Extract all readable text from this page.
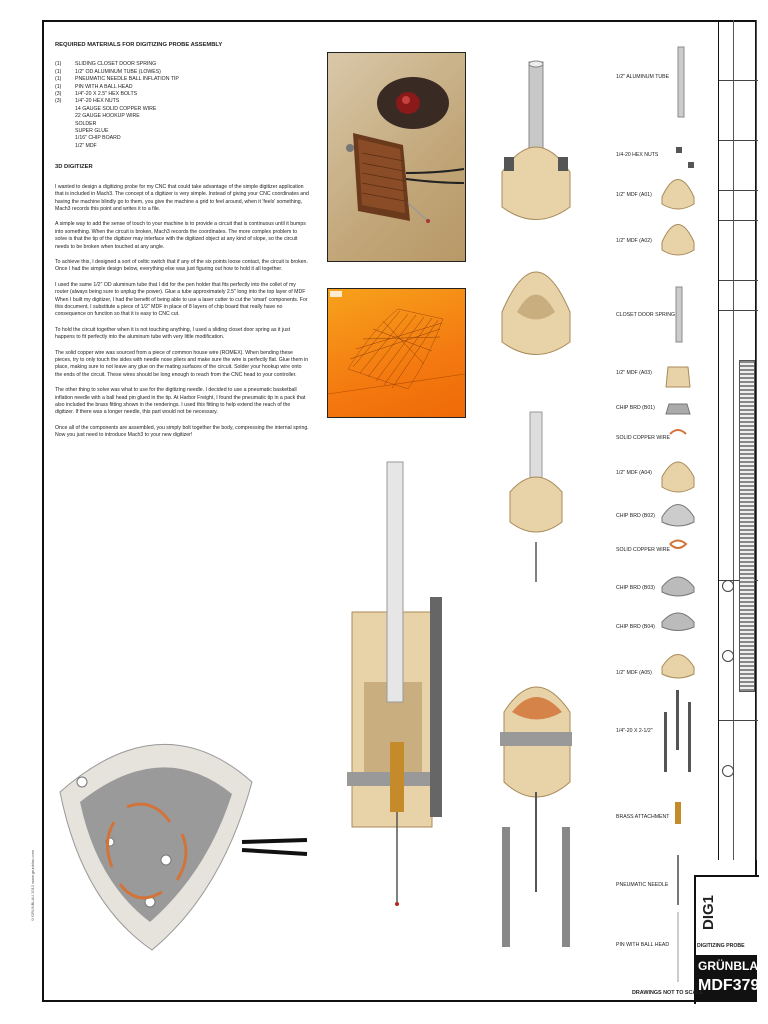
REQUIRED MATERIALS FOR DIGITIZING PROBE ASSEMBLY
(1)	SLIDING CLOSET DOOR SPRING
(1)	1/2" OD ALUMINUM TUBE (LOWES)
(1)	PNEUMATIC NEEDLE BALL INFLATION TIP
(1)	PIN WITH A BALL HEAD
(3)	1/4"-20 X 2.5" HEX BOLTS
(3)	1/4"-20 HEX NUTS
14 GAUGE SOLID COPPER WIRE
22 GAUGE HOOKUP WIRE
SOLDER
SUPER GLUE
1/16" CHIP BOARD
1/2" MDF
3D DIGITIZER

I wanted to design a digitizing probe for my CNC that could take advantage of the simple digitizer application that is included in Mach3. The concept of a digitizer is very simple. Instead of giving your CNC coordinates and having the machine blindly go to them, you give the machine a grid to feel around, when it 'feels' something, Mach3 records this point and writes it to a file.

A simple way to add the sense of touch to your machine is to provide a circuit that is continuous until it bumps into something. When the circuit is broken, Mach3 records the coordinates. The more complex problem to solve is that the tip of the digitizer may interface with the digitized object at any kind of slope, so the circuit needs to be broken when touched at any angle.

To achieve this, I designed a sort of celtic switch that if any of the six points loose contact, the circuit is broken. Once I had the simple design below, everything else was just figuring out how to hold it all together.

I used the same 1/2" OD aluminum tube that I did for the pen holder that fits perfectly into the collet of my router (always being sure to unplug the power). Glue a tube approximately 2.5" long into the top layer of MDF When I built my digitizer, I had the benefit of being able to use a laser cutter to cut the 'smart' components. For this document, I substitute a piece of 1/2" MDF in place of 8 layers of chip board that really have no consequence on function so that it is easy to CNC cut.

To hold the circuit together when it is not touching anything, I used a sliding closet door spring as it just happens to fit perfectly into the aluminum tube with very little modification.

The solid copper wire was sourced from a piece of common house wire (ROMEX). When bending these pieces, try to only touch the sides with needle nose pliers and make sure the wire is perfectly flat. Glue them in place, making sure to not leave any glue on the mating surfaces of the circuit. Solder your hookup wire onto the ends of the circuit. These wires should be long enough to reach from the CNC head to your controller.

The other thing to solve was what to use for the digitizing needle. I decided to use a pneumatic basketball inflation needle with a ball head pin glued in the tip. At Harbor Freight, I found the pneumatic tip in a pack that also included the brass fitting shown in the renderings. I used this fitting to help extend the reach of the digitizer. If there was a longer needle, this part would not be necessary.

Once all of the components are assembled, you simply bolt together the body, compressing the internal spring. Now you just need to introduce Mach3 to your new digitizer!

1/2" ALUMINUM TUBE
1/4-20 HEX NUTS
1/2" MDF (A01)
1/2" MDF (A02)
CLOSET DOOR SPRING
1/2" MDF (A03)
CHIP BRD (B01)
SOLID COPPER WIRE
1/2" MDF (A04)
CHIP BRD (B02)
SOLID COPPER WIRE
CHIP BRD (B03)
CHIP BRD (B04)
1/2" MDF (A05)
1/4"-20 X 2-1/2"
BRASS ATTACHMENT
PNEUMATIC NEEDLE
PIN WITH BALL HEAD
DIG1
DIGITIZING PROBE
GRÜNBLAU
MDF3790
DRAWINGS NOT TO SCALE
©GRUNBLAU 2012 www.grunblau.com
